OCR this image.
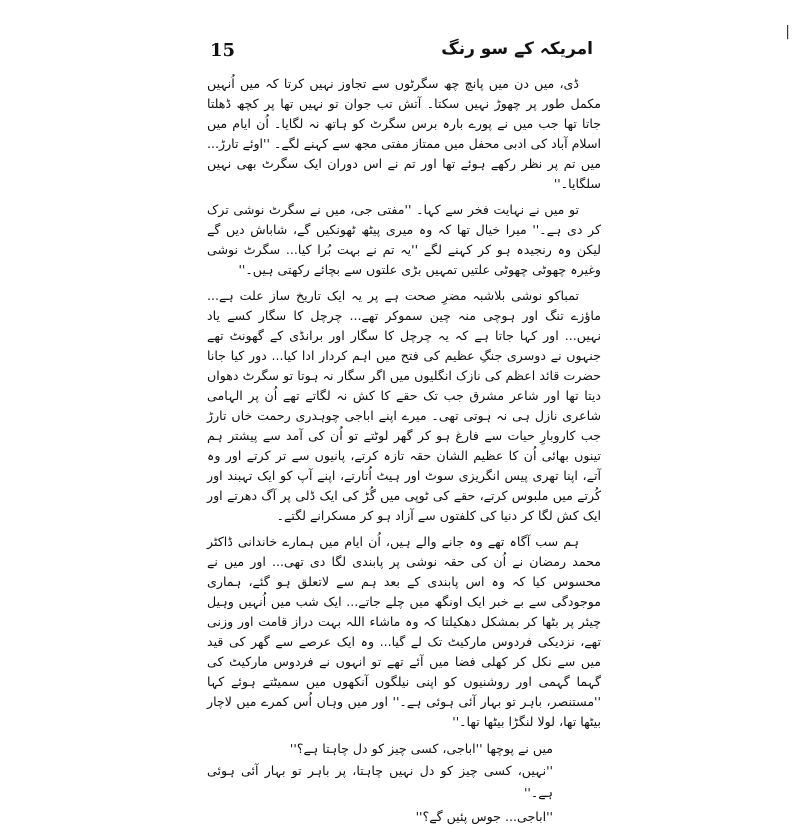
|
15	امریکہ کے سو رنگ

ڈی، میں دن میں پانچ چھ سگرٹوں سے تجاوز نہیں کرتا کہ میں اُنہیں مکمل طور پر چھوڑ نہیں سکتا۔ آتش تب جوان تو نہیں تھا پر کچھ ڈھلتا جاتا تھا جب میں نے پورے بارہ برس سگرٹ کو ہاتھ نہ لگایا۔ اُن ایام میں اسلام آباد کی ادبی محفل میں ممتاز مفتی مجھ سے کہنے لگے۔ ''اوئے تارڑ... میں تم پر نظر رکھے ہوئے تھا اور تم نے اس دوران ایک سگرٹ بھی نہیں سلگایا۔''

تو میں نے نہایت فخر سے کہا۔ ''مفتی جی، میں نے سگرٹ نوشی ترک کر دی ہے۔'' میرا خیال تھا کہ وہ میری پیٹھ ٹھونکیں گے، شاباش دیں گے لیکن وہ رنجیدہ ہو کر کہنے لگے ''یہ تم نے بہت بُرا کیا... سگرٹ نوشی وغیرہ چھوٹی چھوٹی علتیں تمہیں بڑی علتوں سے بچائے رکھتی ہیں۔''

تمباکو نوشی بلاشبہ مضرِ صحت ہے پر یہ ایک تاریخ ساز علت ہے... ماؤزے تنگ اور ہوچی منہ چین سموکر تھے... چرچل کا سگار کسے یاد نہیں... اور کہا جاتا ہے کہ یہ چرچل کا سگار اور برانڈی کے گھونٹ تھے جنہوں نے دوسری جنگِ عظیم کی فتح میں اہم کردار ادا کیا... دور کیا جانا حضرت قائد اعظم کی نازک انگلیوں میں اگر سگار نہ ہوتا تو سگرٹ دھواں دیتا تھا اور شاعر مشرق جب تک حقے کا کش نہ لگاتے تھے اُن پر الہامی شاعری نازل ہی نہ ہوتی تھی۔ میرے اپنے اباجی چوہدری رحمت خاں تارڑ جب کاروبارِ حیات سے فارغ ہو کر گھر لوٹتے تو اُن کی آمد سے پیشتر ہم تینوں بھائی اُن کا عظیم الشان حقہ تازہ کرتے، پانیوں سے تر کرتے اور وہ آتے، اپنا تھری پیس انگریزی سوٹ اور ہیٹ اُتارتے، اپنے آپ کو ایک تہبند اور کُرتے میں ملبوس کرتے، حقے کی ٹوپی میں گُڑ کی ایک ڈلی پر آگ دھرتے اور ایک کش لگا کر دنیا کی کلفتوں سے آزاد ہو کر مسکرانے لگتے۔

ہم سب آگاہ تھے وہ جانے والے ہیں، اُن ایام میں ہمارے خاندانی ڈاکٹر محمد رمضان نے اُن کی حقہ نوشی پر پابندی لگا دی تھی... اور میں نے محسوس کیا کہ وہ اس پابندی کے بعد ہم سے لاتعلق ہو گئے، ہماری موجودگی سے بے خبر ایک اونگھ میں چلے جاتے... ایک شب میں اُنہیں وہیل چیئر پر بٹھا کر بمشکل دھکیلتا کہ وہ ماشاء اللہ بہت دراز قامت اور وزنی تھے، نزدیکی فردوس مارکیٹ تک لے گیا... وہ ایک عرصے سے گھر کی قید میں سے نکل کر کھلی فضا میں آئے تھے تو انہوں نے فردوس مارکیٹ کی گہما گہمی اور روشنیوں کو اپنی نیلگوں آنکھوں میں سمیٹتے ہوئے کہا ''مستنصر، باہر تو بہار آئی ہوئی ہے۔'' اور میں وہاں اُس کمرے میں لاچار بیٹھا تھا، لولا لنگڑا بیٹھا تھا۔''

میں نے پوچھا ''اباجی، کسی چیز کو دل چاہتا ہے؟''

''نہیں، کسی چیز کو دل نہیں چاہتا، پر باہر تو بہار آئی ہوئی ہے۔''

''اباجی... جوس پئیں گے؟''
